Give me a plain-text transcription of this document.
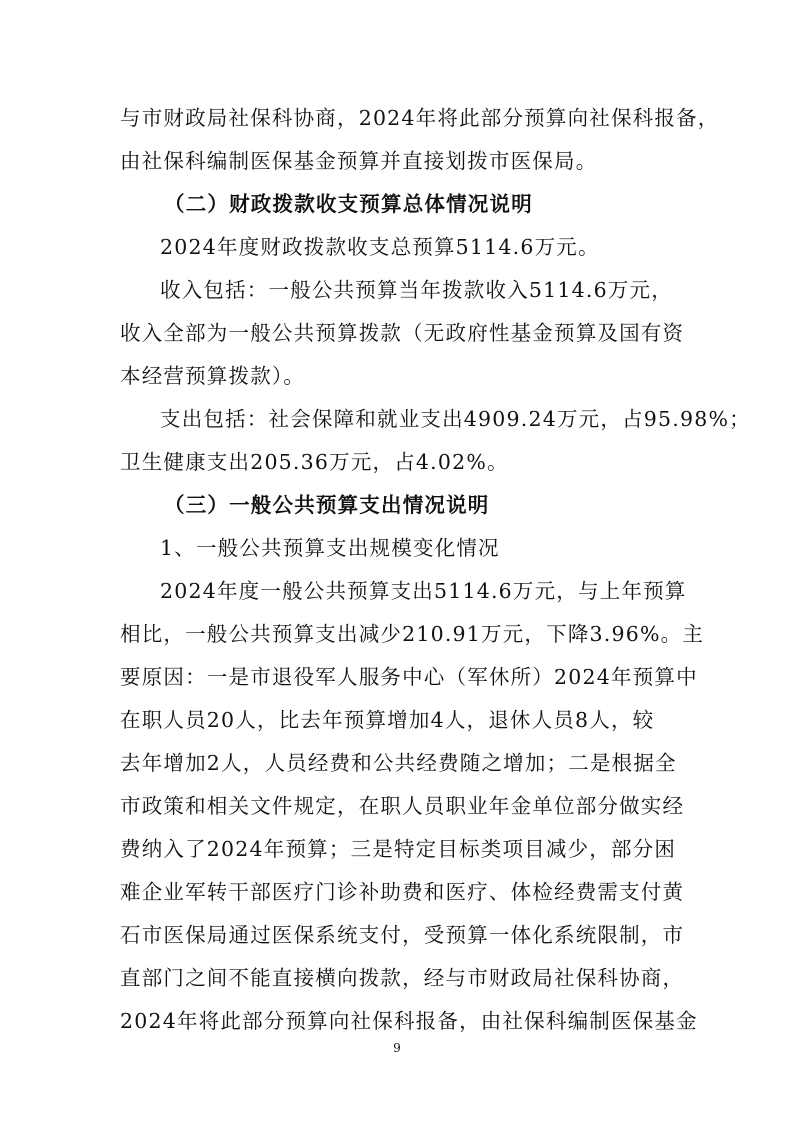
与市财政局社保科协商，2024年将此部分预算向社保科报备，
由社保科编制医保基金预算并直接划拨市医保局。
（二）财政拨款收支预算总体情况说明
2024年度财政拨款收支总预算5114.6万元。
收入包括：一般公共预算当年拨款收入5114.6万元，
收入全部为一般公共预算拨款（无政府性基金预算及国有资
本经营预算拨款）。
支出包括：社会保障和就业支出4909.24万元，占95.98%；
卫生健康支出205.36万元，占4.02%。
（三）一般公共预算支出情况说明
1、一般公共预算支出规模变化情况
2024年度一般公共预算支出5114.6万元，与上年预算
相比，一般公共预算支出减少210.91万元，下降3.96%。主
要原因：一是市退役军人服务中心（军休所）2024年预算中
在职人员20人，比去年预算增加4人，退休人员8人，较
去年增加2人，人员经费和公共经费随之增加；二是根据全
市政策和相关文件规定，在职人员职业年金单位部分做实经
费纳入了2024年预算；三是特定目标类项目减少，部分困
难企业军转干部医疗门诊补助费和医疗、体检经费需支付黄
石市医保局通过医保系统支付，受预算一体化系统限制，市
直部门之间不能直接横向拨款，经与市财政局社保科协商，
2024年将此部分预算向社保科报备，由社保科编制医保基金
9
